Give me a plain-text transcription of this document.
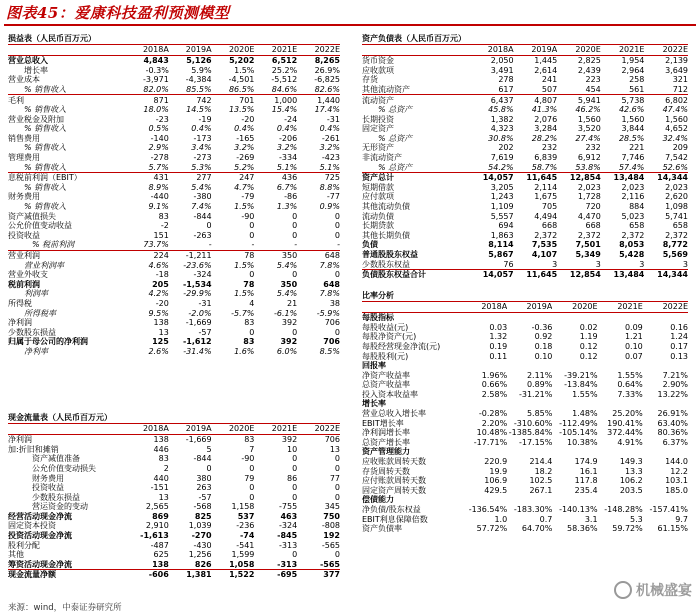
图表45：爱康科技盈利预测模型
损益表（人民币百万元）
	2018A	2019A	2020E	2021E	2022E
营业总收入	4,843	5,126	5,202	6,512	8,265
增长率	-0.3%	5.9%	1.5%	25.2%	26.9%
营业成本	-3,971	-4,384	-4,501	-5,512	-6,825
% 销售收入	82.0%	85.5%	86.5%	84.6%	82.6%
毛利	871	742	701	1,000	1,440
% 销售收入	18.0%	14.5%	13.5%	15.4%	17.4%
营业税金及附加	-23	-19	-20	-24	-31
% 销售收入	0.5%	0.4%	0.4%	0.4%	0.4%
销售费用	-140	-173	-165	-206	-261
% 销售收入	2.9%	3.4%	3.2%	3.2%	3.2%
管理费用	-278	-273	-269	-334	-423
% 销售收入	5.7%	5.3%	5.2%	5.1%	5.1%
息税前利润（EBIT）	431	277	247	436	725
% 销售收入	8.9%	5.4%	4.7%	6.7%	8.8%
财务费用	-440	-380	-79	-86	-77
% 销售收入	9.1%	7.4%	1.5%	1.3%	0.9%
资产减值损失	83	-844	-90	0	0
公允价值变动收益	-2	0	0	0	0
投资收益	151	-263	0	0	0
% 税前利润	73.7%	-	-	-	-
营业利润	224	-1,211	78	350	648
营业利润率	4.6%	-23.6%	1.5%	5.4%	7.8%
营业外收支	-18	-324	0	0	0
税前利润	205	-1,534	78	350	648
利润率	4.2%	-29.9%	1.5%	5.4%	7.8%
所得税	-20	-31	4	21	38
所得税率	9.5%	-2.0%	-5.7%	-6.1%	-5.9%
净利润	138	-1,669	83	392	706
少数股东损益	13	-57	0	0	0
归属于母公司的净利润	125	-1,612	83	392	706
净利率	2.6%	-31.4%	1.6%	6.0%	8.5%
现金流量表（人民币百万元）
	2018A	2019A	2020E	2021E	2022E
净利润	138	-1,669	83	392	706
加:折旧和摊销	446	5	7	10	13
资产减值准备	83	-844	-90	0	0
公允价值变动损失	2	0	0	0	0
财务费用	440	380	79	86	77
投资收益	-151	263	0	0	0
少数股东损益	13	-57	0	0	0
营运资金的变动	2,565	-568	1,158	-755	345
经营活动现金净流	869	825	537	463	750
固定资本投资	2,910	1,039	-236	-324	-808
投资活动现金净流	-1,613	-270	-74	-845	192
股利分配	-487	-430	-541	-313	-565
其他	625	1,256	1,599	0	0
筹资活动现金净流	138	826	1,058	-313	-565
现金流量净额	-606	1,381	1,522	-695	377
资产负债表（人民币百万元）
	2018A	2019A	2020E	2021E	2022E
货币资金	2,050	1,445	2,825	1,954	2,139
应收款项	3,491	2,614	2,439	2,964	3,649
存货	278	241	223	258	321
其他流动资产	617	507	454	561	712
流动资产	6,437	4,807	5,941	5,738	6,802
% 总资产	45.8%	41.3%	46.2%	42.6%	47.4%
长期投资	1,382	2,076	1,560	1,560	1,560
固定资产	4,323	3,284	3,520	3,844	4,652
% 总资产	30.8%	28.2%	27.4%	28.5%	32.4%
无形资产	202	232	232	221	209
非流动资产	7,619	6,839	6,912	7,746	7,542
% 总资产	54.2%	58.7%	53.8%	57.4%	52.6%
资产总计	14,057	11,645	12,854	13,484	14,344
短期借款	3,205	2,114	2,023	2,023	2,023
应付款项	1,243	1,675	1,728	2,116	2,620
其他流动负债	1,109	705	720	884	1,098
流动负债	5,557	4,494	4,470	5,023	5,741
长期贷款	694	668	668	658	658
其他长期负债	1,863	2,372	2,372	2,372	2,372
负债	8,114	7,535	7,501	8,053	8,772
普通股股东权益	5,867	4,107	5,349	5,428	5,569
少数股东权益	76	3	3	3	3
负债股东权益合计	14,057	11,645	12,854	13,484	14,344
比率分析
	2018A	2019A	2020E	2021E	2022E
每股指标					
每股收益(元)	0.03	-0.36	0.02	0.09	0.16
每股净资产(元)	1.32	0.92	1.19	1.21	1.24
每股经营现金净流(元)	0.19	0.18	0.12	0.10	0.17
每股股利(元)	0.11	0.10	0.12	0.07	0.13
回报率					
净资产收益率	1.96%	2.11%	-39.21%	1.55%	7.21%
总资产收益率	0.66%	0.89%	-13.84%	0.64%	2.90%
投入资本收益率	2.58%	-31.21%	1.55%	7.33%	13.22%
增长率					
营业总收入增长率	-0.28%	5.85%	1.48%	25.20%	26.91%
EBIT增长率	2.20%	-310.60%	-112.49%	190.41%	63.40%
净利润增长率	10.48%	-1385.84%	-105.14%	372.44%	80.36%
总资产增长率	-17.71%	-17.15%	10.38%	4.91%	6.37%
资产管理能力					
应收账款周转天数	220.9	214.4	174.9	149.3	144.0
存货周转天数	19.9	18.2	16.1	13.3	12.2
应付账款周转天数	106.9	102.5	117.8	106.2	103.1
固定资产周转天数	429.5	267.1	235.4	203.5	185.0
偿债能力					
净负债/股东权益	-136.54%	-183.30%	-140.13%	-148.28%	-157.41%
EBIT利息保障倍数	1.0	0.7	3.1	5.3	9.7
资产负债率	57.72%	64.70%	58.36%	59.72%	61.15%
来源：wind，中泰证券研究所
机械盛宴
